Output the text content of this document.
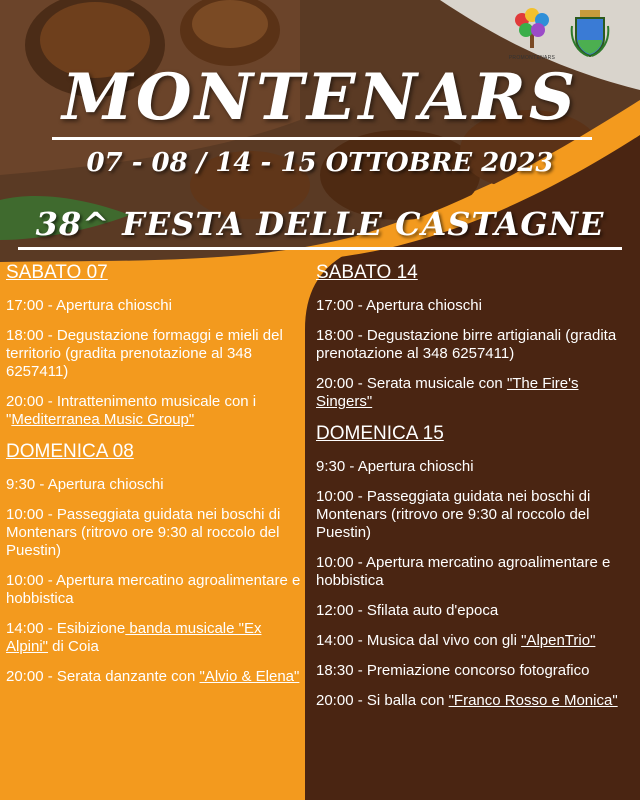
PROMONTENARS
MONTENARS
07 - 08 / 14 - 15 OTTOBRE 2023
38^ FESTA DELLE CASTAGNE
SABATO 07
17:00 - Apertura chioschi
18:00 - Degustazione formaggi e mieli del territorio (gradita prenotazione al 348 6257411)
20:00 - Intrattenimento musicale con i "Mediterranea Music Group"
DOMENICA 08
9:30 - Apertura chioschi
10:00 - Passeggiata guidata nei boschi di Montenars (ritrovo ore 9:30 al roccolo del Puestin)
10:00 - Apertura mercatino agroalimentare e hobbistica
14:00 - Esibizione banda musicale "Ex Alpini" di Coia
20:00 - Serata danzante con "Alvio & Elena"
SABATO 14
17:00 - Apertura chioschi
18:00 - Degustazione birre artigianali (gradita prenotazione al 348 6257411)
20:00 - Serata musicale con "The Fire's Singers"
DOMENICA 15
9:30 - Apertura chioschi
10:00 - Passeggiata guidata nei boschi di Montenars (ritrovo ore 9:30 al roccolo del Puestin)
10:00 - Apertura mercatino agroalimentare e hobbistica
12:00 - Sfilata auto d'epoca
14:00 - Musica dal vivo con gli "AlpenTrio"
18:30 - Premiazione concorso fotografico
20:00 - Si balla con "Franco Rosso e Monica"
